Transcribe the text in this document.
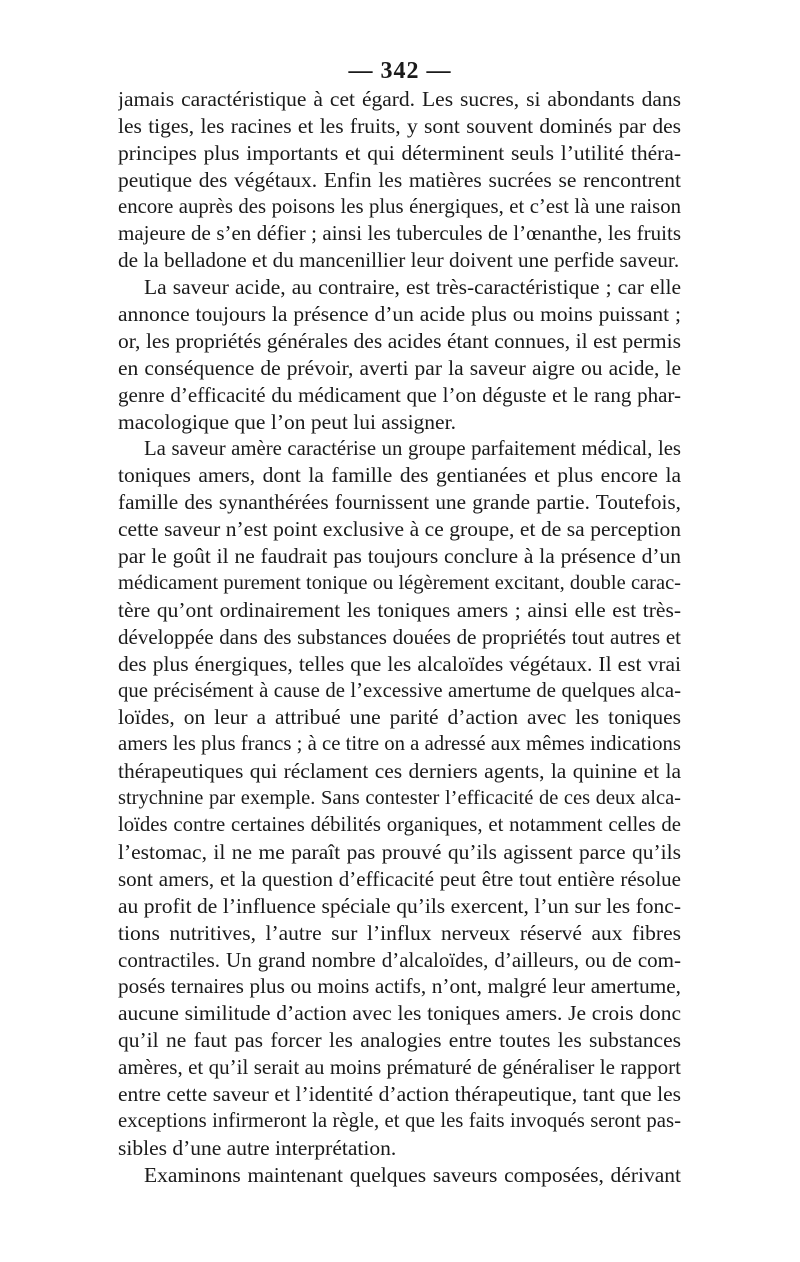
— 342 —
jamais caractéristique à cet égard. Les sucres, si abondants dans
les tiges, les racines et les fruits, y sont souvent dominés par des
principes plus importants et qui déterminent seuls l’utilité théra-
peutique des végétaux. Enfin les matières sucrées se rencontrent
encore auprès des poisons les plus énergiques, et c’est là une raison
majeure de s’en défier ; ainsi les tubercules de l’œnanthe, les fruits
de la belladone et du mancenillier leur doivent une perfide saveur.
La saveur acide, au contraire, est très-caractéristique ; car elle
annonce toujours la présence d’un acide plus ou moins puissant ;
or, les propriétés générales des acides étant connues, il est permis
en conséquence de prévoir, averti par la saveur aigre ou acide, le
genre d’efficacité du médicament que l’on déguste et le rang phar-
macologique que l’on peut lui assigner.
La saveur amère caractérise un groupe parfaitement médical, les
toniques amers, dont la famille des gentianées et plus encore la
famille des synanthérées fournissent une grande partie. Toutefois,
cette saveur n’est point exclusive à ce groupe, et de sa perception
par le goût il ne faudrait pas toujours conclure à la présence d’un
médicament purement tonique ou légèrement excitant, double carac-
tère qu’ont ordinairement les toniques amers ; ainsi elle est très-
développée dans des substances douées de propriétés tout autres et
des plus énergiques, telles que les alcaloïdes végétaux. Il est vrai
que précisément à cause de l’excessive amertume de quelques alca-
loïdes, on leur a attribué une parité d’action avec les toniques
amers les plus francs ; à ce titre on a adressé aux mêmes indications
thérapeutiques qui réclament ces derniers agents, la quinine et la
strychnine par exemple. Sans contester l’efficacité de ces deux alca-
loïdes contre certaines débilités organiques, et notamment celles de
l’estomac, il ne me paraît pas prouvé qu’ils agissent parce qu’ils
sont amers, et la question d’efficacité peut être tout entière résolue
au profit de l’influence spéciale qu’ils exercent, l’un sur les fonc-
tions nutritives, l’autre sur l’influx nerveux réservé aux fibres
contractiles. Un grand nombre d’alcaloïdes, d’ailleurs, ou de com-
posés ternaires plus ou moins actifs, n’ont, malgré leur amertume,
aucune similitude d’action avec les toniques amers. Je crois donc
qu’il ne faut pas forcer les analogies entre toutes les substances
amères, et qu’il serait au moins prématuré de généraliser le rapport
entre cette saveur et l’identité d’action thérapeutique, tant que les
exceptions infirmeront la règle, et que les faits invoqués seront pas-
sibles d’une autre interprétation.
Examinons maintenant quelques saveurs composées, dérivant
